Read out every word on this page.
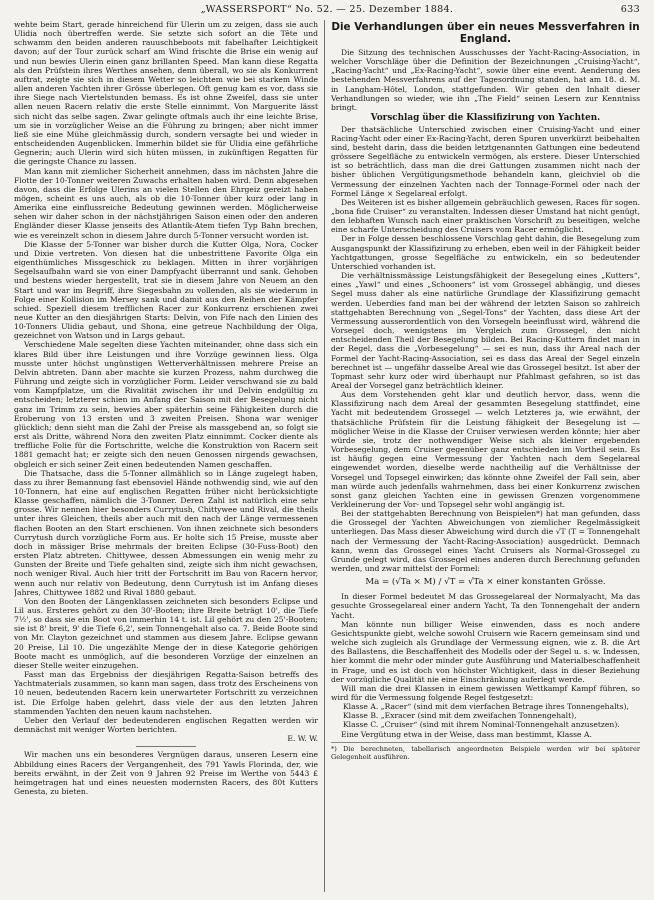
„WASSERSPORT“ No. 52. — 25. Dezember 1884.	633

wehte beim Start, gerade hinreichend für Ulerin um zu zeigen, dass sie auch Ulidia noch übertreffen werde. Sie setzte sich sofort an die Tête und schwamm den beiden anderen rauuschbeboots mit fabelhafter Leichtigkeit davon; auf der Tour zurück scharf am Wind frischte die Brise ein wenig auf und nun bewies Ulerin einen ganz brillanten Speed. Man kann diese Regatta als den Prüfstein ihres Werthes ansehen, denn überall, wo sie als Konkurrent auftrat, zeigte sie sich in diesem Wetter so leichtem wie bei starkem Winde allen anderen Yachten ihrer Grösse überlegen. Oft genug kam es vor, dass sie ihre Siege nach Viertelstunden bemass. Es ist ohne Zweifel, dass sie unter allen neuen Racern relativ die erste Stelle einnimmt. Von Marguerite lässt sich nicht das selbe sagen. Zwar gelingte oftmals auch ihr eine leichte Brise, um sie in vorzüglicher Weise an die Führung zu bringen; aber nicht immer ließ sie eine Mühe gleichmässig durch, sondern versagte bei und wieder in entscheidenden Augenblicken. Immerhin bildet sie für Ulidia eine gefährliche Gegnerin; auch Ulerin wird sich hüten müssen, in zukünftigen Regatten für die geringste Chance zu lassen.

Man kann mit ziemlicher Sicherheit annehmen, dass im nächsten Jahre die Flotte der 10-Tonner weiteren Zuwachs erhalten haben wird. Denn abgesehen davon, dass die Erfolge Ulerins an vielen Stellen den Ehrgeiz gereizt haben mögen, scheint es uns auch, als ob die 10-Tonner über kurz oder lang in Amerika eine einflussreiche Bedeutung gewinnen werden. Möglicherweise sehen wir daher schon in der nächstjährigen Saison einen oder den anderen Engländer dieser Klasse jenseits des Atlantik-Atem tiefen Typ Bahn brechen, wie es vereinzelt schon in diesem Jahre durch 5-Tonner versucht worden ist.

Die Klasse der 5-Tonner war bisher durch die Kutter Olga, Nora, Cocker und Dixie vertreten. Von diesen hat die unbestrittene Favorite Olga ein eigenthümliches Missgeschick zu beklagen. Mitten in ihrer vorjährigen Segelsaufbahn ward sie von einer Dampfyacht überrannt und sank. Gehoben und bestens wieder hergestellt, trat sie in diesem Jahre von Neuem an den Start und war im Begriff, ihre Siegesbahn zu vollenden, als sie wiederum in Folge einer Kollision im Mersey sank und damit aus den Reihen der Kämpfer schied. Speziell diesem trefflichen Racer zur Konkurrenz erschienen zwei neue Kutter an den diesjährigen Starts: Delvin, von Fife nach den Linien des 10-Tonners Ulidia gebaut, und Shona, eine getreue Nachbildung der Olga, gezeichnet von Watson und in Largs gebaut.

Verschiedene Male segelten diese Yachten miteinander, ohne dass sich ein klares Bild über ihre Leistungen und ihre Vorzüge gewinnen liess. Olga musste unter höchst ungünstigen Wetterverhältnissen mehrere Preise an Delvin abtreten. Dann aber machte sie kurzen Prozess, nahm durchweg die Führung und zeigte sich in vorzüglicher Form. Leider verschwand sie zu bald vom Kampfplatze, um die Rivalität zwischen ihr und Delvin endgültig zu entscheiden; letzterer schien im Anfang der Saison mit der Besegelung nicht ganz im Trimm zu sein, bewies aber späterhin seine Fähigkeiten durch die Eroberung von 13 ersten und 3 zweiten Preisen. Shona war weniger glücklich; denn sieht man die Zahl der Preise als massgebend an, so folgt sie erst als Dritte, während Nora den zweiten Platz einnimmt. Cocker diente als treffliche Folie für die Fortschritte, welche die Konstruktion von Racern seit 1881 gemacht hat; er zeigte sich den neuen Genossen nirgends gewachsen, obgleich er sich seiner Zeit einen bedeutenden Namen geschaffen.

Die Thatsache, dass die 5-Tonner allmählich so in Länge zugelegt haben, dass zu ihrer Bemannung fast ebensoviel Hände nothwendig sind, wie auf den 10-Tonnern, hat eine auf englischen Regatten früher nicht berücksichtigte Klasse geschaffen, nämlich die 3-Tonner. Deren Zahl ist natürlich eine sehr grosse. Wir nennen hier besonders Currytush, Chittywee und Rival, die theils unter ihres Gleichen, theils aber auch mit den nach der Länge vermessenen flachen Booten an den Start erschienen. Von ihnen zeichnete sich besonders Currytush durch vorzügliche Form aus. Er holte sich 15 Preise, musste aber doch in mässiger Brise mehrmals der breiten Eclipse (30-Fuss-Boot) den ersten Platz abtreten. Chittywee, dessen Abmessungen ein wenig mehr zu Gunsten der Breite und Tiefe gehalten sind, zeigte sich ihm nicht gewachsen, noch weniger Rival. Auch hier tritt der Fortschritt im Bau von Racern hervor, wenn auch nur relativ von Bedeutung, denn Currytush ist im Anfang dieses Jahres, Chittywee 1882 und Rival 1880 gebaut.

Von den Booten der Längenklassen zeichneten sich besonders Eclipse und Lil aus. Ersteres gehört zu den 30'-Booten; ihre Breite beträgt 10', die Tiefe 7½', so dass sie ein Boot von immerhin 14 t. ist. Lil gehört zu den 25'-Booten; sie ist 8' breit, 9' die Tiefe 6,2', sein Tonnengehalt also ca. 7. Beide Boote sind von Mr. Clayton gezeichnet und stammen aus diesem Jahre. Eclipse gewann 20 Preise, Lil 10. Die ungezählte Menge der in diese Kategorie gehörigen Boote macht es unmöglich, auf die besonderen Vorzüge der einzelnen an dieser Stelle weiter einzugehen.

Fasst man das Ergebniss der diesjährigen Regatta-Saison betreffs des Yachtmaterials zusammen, so kann man sagen, dass trotz des Erscheinens von 10 neuen, bedeutenden Racern kein unerwarteter Fortschritt zu verzeichnen ist. Die Erfolge haben gelehrt, dass viele der aus den letzten Jahren stammenden Yachten den neuen kaum nachstehen.

Ueber den Verlauf der bedeutenderen englischen Regatten werden wir demnächst mit weniger Worten berichten.

E. W. W.

Wir machen uns ein besonderes Vergnügen daraus, unseren Lesern eine Abbildung eines Racers der Vergangenheit, des 791 Yawls Florinda, der, wie bereits erwähnt, in der Zeit von 9 Jahren 92 Preise im Werthe von 5443 £ heimgetragen hat und eines neuesten modernsten Racers, des 80t Kutters Genesta, zu bieten.

Die Verhandlungen über ein neues Messverfahren in England.

Die Sitzung des technischen Ausschusses der Yacht-Racing-Association, in welcher Vorschläge über die Definition der Bezeichnungen „Cruising-Yacht“, „Racing-Yacht“ und „Ex-Racing-Yacht“, sowie über eine event. Aenderung des bestehenden Messverfahrens auf der Tagesordnung standen, hat am 18. d. M. in Langham-Hôtel, London, stattgefunden. Wir geben den Inhalt dieser Verhandlungen so wieder, wie ihn „The Field“ seinen Lesern zur Kenntniss bringt.

Vorschlag über die Klassifizirung von Yachten.

Der thatsächliche Unterschied zwischen einer Cruising-Yacht und einer Racing-Yacht oder einer Ex-Racing-Yacht, deren Spuren unverkürzt beibehalten sind, besteht darin, dass die beiden letztgenannten Gattungen eine bedeutend grössere Segelfläche zu entwickeln vermögen, als erstere. Dieser Unterschied ist so beträchtlich, dass man die drei Gattungen zusammen nicht nach der bisher üblichen Vergütigungsmethode behandeln kann, gleichviel ob die Vermessung der einzelnen Yachten nach der Tonnage-Formel oder nach der Formel Länge × Segelareal erfolgt.

Des Weiteren ist es bisher allgemein gebräuchlich gewesen, Races für sogen. „bona fide Cruiser“ zu veranstalten. Indessen dieser Umstand hat nicht genügt, den lebhaften Wunsch nach einer praktischen Vorschrift zu beseitigen, welche eine scharfe Unterscheidung des Cruisers vom Racer ermöglicht.

Der in Folge dessen beschlossene Vorschlag geht dahin, die Besegelung zum Ausgangspunkt der Klassifizirung zu erheben, eben weil in der Fähigkeit beider Yachtgattungen, grosse Segelfläche zu entwickeln, ein so bedeutender Unterschied vorhanden ist.

Die verhältnissmässige Leistungsfähigkeit der Besegelung eines „Kutters“, eines „Yawl“ und eines „Schooners“ ist vom Grossegel abhängig, und dieses Segel muss daher als eine natürliche Grundlage der Klassifizirung gemacht werden. Ueberdies fand man bei der während der letzten Saison so zahlreich stattgehabten Berechnung von „Segel-Tons“ der Yachten, dass diese Art der Vermessung ausserordentlich von den Vorsegeln beeinflusst wird, während die Vorsegel doch, wenigstens im Vergleich zum Grossegel, den nicht entscheidenden Theil der Besegelung bilden. Bei Racing-Kuttern findet man in der Regel, dass die „Vorbesegelung“ — sei es nun, dass ihr Areal nach der Formel der Yacht-Racing-Association, sei es dass das Areal der Segel einzeln berechnet ist — ungefähr dasselbe Areal wie das Grossegel besitzt. Ist aber der Topmast sehr kurz oder wird überhaupt nur Pfahlmast gefahren, so ist das Areal der Vorsegel ganz beträchtlich kleiner.

Aus dem Vorstehenden geht klar und deutlich hervor, dass, wenn die Klassifizirung nach dem Areal der gesammten Besegelung stattfindet, eine Yacht mit bedeutendem Grossegel — welch Letzteres ja, wie erwähnt, der thatsächliche Prüfstein für die Leistung fähigkeit der Besegelung ist — möglicher Weise in die Klasse der Cruiser verwiesen werden könnte; hier aber würde sie, trotz der nothwendiger Weise sich als kleiner ergebenden Vorbesegelung, dem Cruiser gegenüber ganz entschieden im Vortheil sein. Es ist häufig gegen eine Vermessung der Yachten nach dem Segelareal eingewendet worden, dieselbe werde nachtheilig auf die Verhältnisse der Vorsegel und Topsegel einwirken; das könnte ohne Zweifel der Fall sein, aber man würde auch jedenfalls wahrnehmen, dass bei einer Konkurrenz zwischen sonst ganz gleichen Yachten eine in gewissen Grenzen vorgenommene Verkleinerung der Vor- und Topsegel sehr wohl angängig ist.

Bei der stattgehabten Berechnung von Beispielen*) hat man gefunden, dass die Grossegel der Yachten Abweichungen von ziemlicher Regelmässigkeit unterliegen. Das Mass dieser Abweichung wird durch die √T (T = Tonnengehalt nach der Vermessung der Yacht-Racing-Association) ausgedrückt. Demnach kann, wenn das Grossegel eines Yacht Cruisers als Normal-Grossegel zu Grunde gelegt wird, das Grossegel eines anderen durch Berechnung gefunden werden, und zwar mittelst der Formel:

Ma = (√Ta × M) / √T = √Ta × einer konstanten Grösse.

In dieser Formel bedeutet M das Grossegelareal der Normalyacht, Ma das gesuchte Grossegelareal einer andern Yacht, Ta den Tonnengehalt der andern Yacht.

Man könnte nun billiger Weise einwenden, dass es noch andere Gesichtspunkte giebt, welche sowohl Cruisern wie Racern gemeinsam sind und welche sich zugleich als Grundlage der Vermessung eignen, wie z. B. die Art des Ballastens, die Beschaffenheit des Modells oder der Segel u. s. w. Indessen, hier kommt die mehr oder minder gute Ausführung und Materialbeschaffenheit in Frage, und es ist doch von höchster Wichtigkeit, dass in dieser Beziehung der vorzügliche Qualität nie eine Einschränkung auferlegt werde.

Will man die drei Klassen in einem gewissen Wettkampf Kampf führen, so wird für die Vermessung folgende Regel festgesetzt:

Klasse A. „Racer“ (sind mit dem vierfachen Betrage ihres Tonnengehalts),
Klasse B. „Exracer (sind mit dem zweifachen Tonnengehalt),
Klasse C. „Cruiser“ (sind mit ihrem Nominal-Tonnengehalt anzusetzen).

Eine Vergütung etwa in der Weise, dass man bestimmt, Klasse A.

*) Die berechneten, tabellarisch angeordneten Beispiele werden wir bei späterer Gelegenheit ausführen.
